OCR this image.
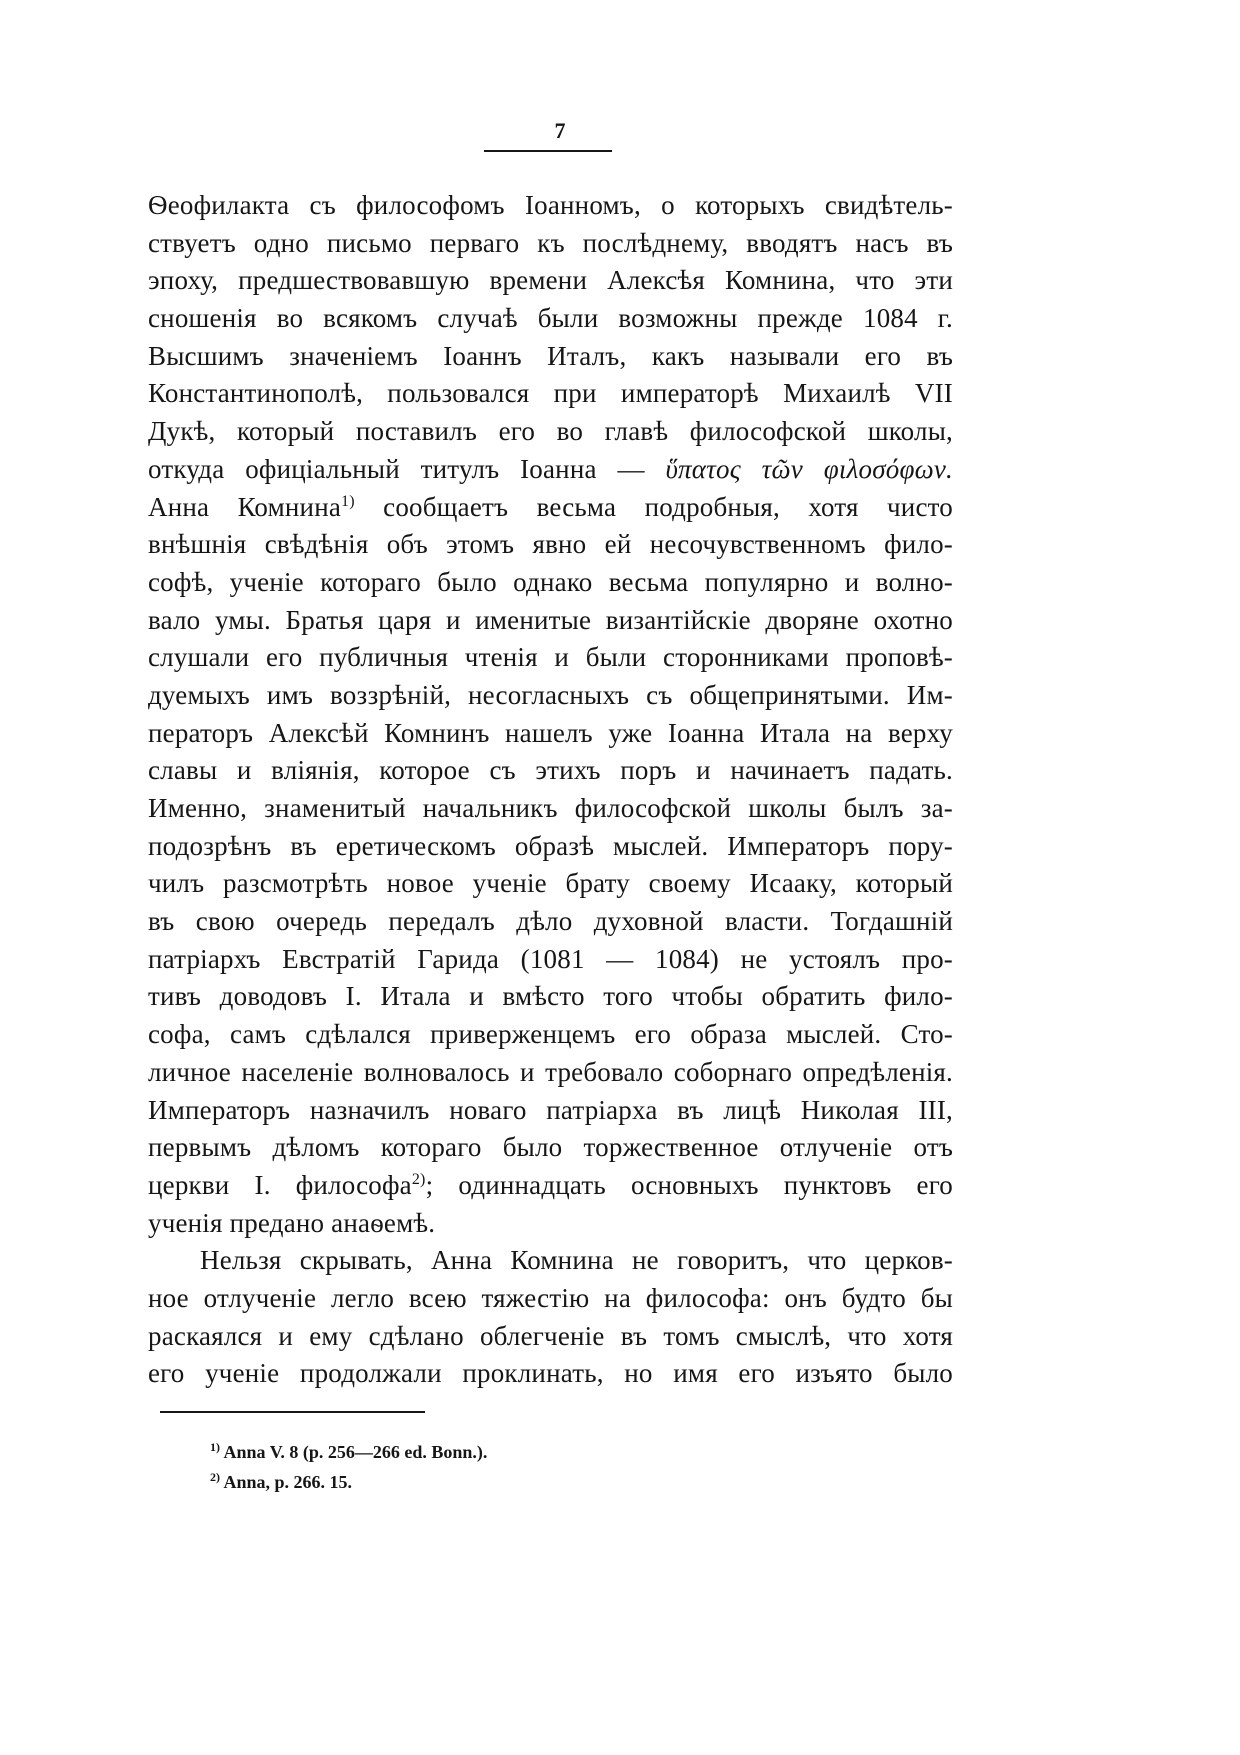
7
Ѳеофилакта съ философомъ Іоанномъ, о которыхъ свидѣтель-
ствуетъ одно письмо перваго къ послѣднему, вводятъ насъ въ
эпоху, предшествовавшую времени Алексѣя Комнина, что эти
сношенія во всякомъ случаѣ были возможны прежде 1084 г.
Высшимъ значеніемъ Іоаннъ Италъ, какъ называли его въ
Константинополѣ, пользовался при императорѣ Михаилѣ VII
Дукѣ, который поставилъ его во главѣ философской школы,
откуда офиціальный титулъ Іоанна — ὕπατος τῶν φιλοσόφων.
Анна Комнина$^{1)}$ сообщаетъ весьма подробныя, хотя чисто
внѣшнія свѣдѣнія объ этомъ явно ей несочувственномъ фило-
софѣ, ученіе котораго было однако весьма популярно и волно-
вало умы. Братья царя и именитые византійскіе дворяне охотно
слушали его публичныя чтенія и были сторонниками проповѣ-
дуемыхъ имъ воззрѣній, несогласныхъ съ общепринятыми. Им-
ператоръ Алексѣй Комнинъ нашелъ уже Іоанна Итала на верху
славы и вліянія, которое съ этихъ поръ и начинаетъ падать.
Именно, знаменитый начальникъ философской школы былъ за-
подозрѣнъ въ еретическомъ образѣ мыслей. Императоръ пору-
чилъ разсмотрѣть новое ученіе брату своему Исааку, который
въ свою очередь передалъ дѣло духовной власти. Тогдашній
патріархъ Евстратій Гарида (1081 — 1084) не устоялъ про-
тивъ доводовъ І. Итала и вмѣсто того чтобы обратить фило-
софа, самъ сдѣлался приверженцемъ его образа мыслей. Сто-
личное населеніе волновалось и требовало соборнаго опредѣленія.
Императоръ назначилъ новаго патріарха въ лицѣ Николая III,
первымъ дѣломъ котораго было торжественное отлученіе отъ
церкви І. философа$^{2)}$; одиннадцать основныхъ пунктовъ его
ученія предано анаѳемѣ.
Нельзя скрывать, Анна Комнина не говоритъ, что церков-
ное отлученіе легло всею тяжестію на философа: онъ будто бы
раскаялся и ему сдѣлано облегченіе въ томъ смыслѣ, что хотя
его ученіе продолжали проклинать, но имя его изъято было
$^{1)}$ Anna V. 8 (p. 256—266 ed. Bonn.).
$^{2)}$ Anna, p. 266. 15.
